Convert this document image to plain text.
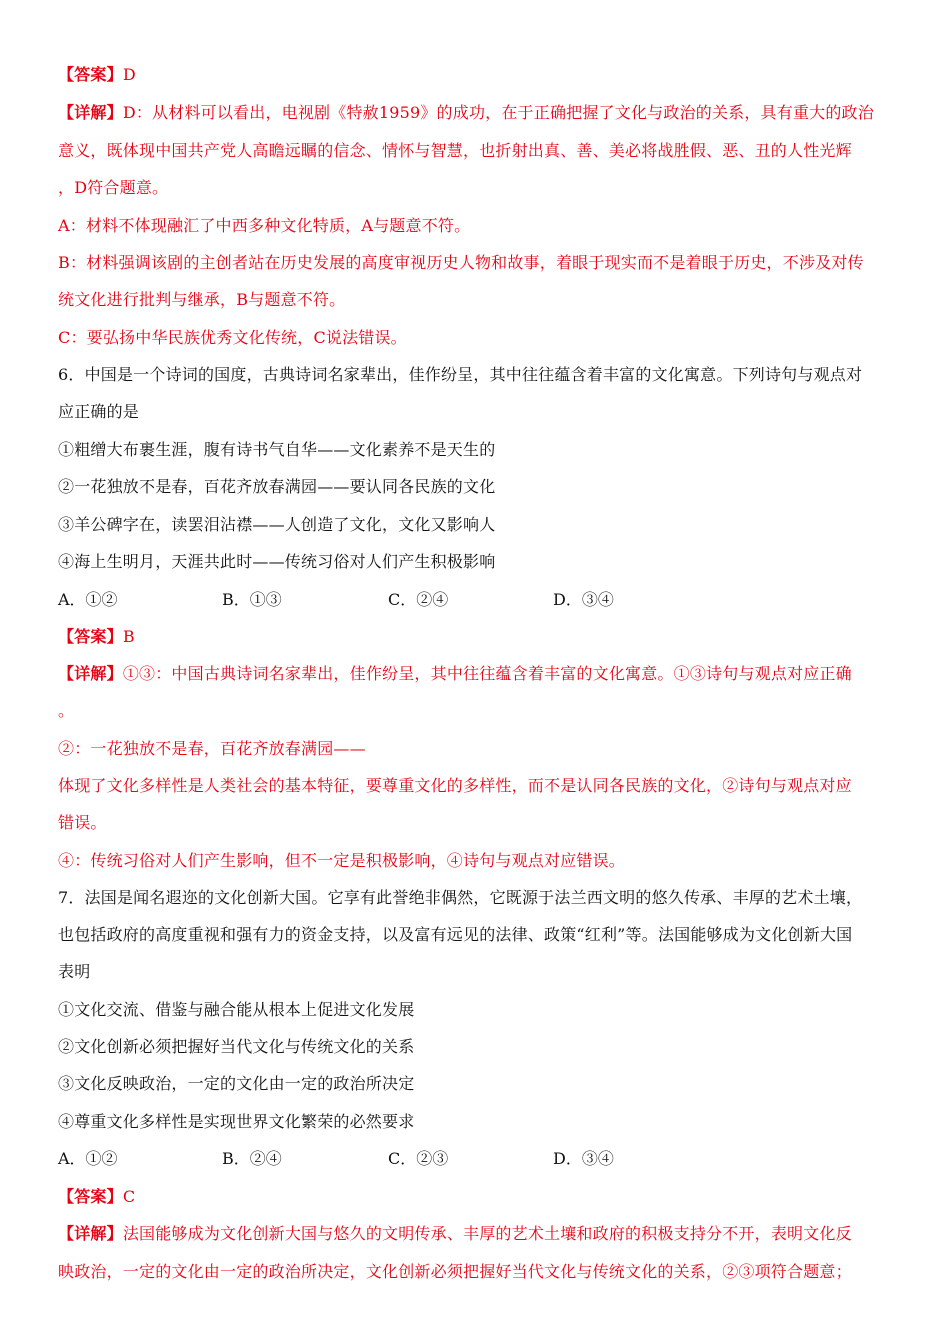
【答案】D
【详解】D：从材料可以看出，电视剧《特赦1959》的成功，在于正确把握了文化与政治的关系，具有重大的政治
意义，既体现中国共产党人高瞻远瞩的信念、情怀与智慧，也折射出真、善、美必将战胜假、恶、丑的人性光辉
，D符合题意。
A：材料不体现融汇了中西多种文化特质，A与题意不符。
B：材料强调该剧的主创者站在历史发展的高度审视历史人物和故事，着眼于现实而不是着眼于历史，不涉及对传
统文化进行批判与继承，B与题意不符。
C：要弘扬中华民族优秀文化传统，C说法错误。
6．中国是一个诗词的国度，古典诗词名家辈出，佳作纷呈，其中往往蕴含着丰富的文化寓意。下列诗句与观点对
应正确的是
①粗缯大布裹生涯，腹有诗书气自华——文化素养不是天生的
②一花独放不是春，百花齐放春满园——要认同各民族的文化
③羊公碑字在，读罢泪沾襟——人创造了文化，文化又影响人
④海上生明月，天涯共此时——传统习俗对人们产生积极影响
A．①②	B．①③	C．②④	D．③④
【答案】B
【详解】①③：中国古典诗词名家辈出，佳作纷呈，其中往往蕴含着丰富的文化寓意。①③诗句与观点对应正确
。
②：一花独放不是春，百花齐放春满园——
体现了文化多样性是人类社会的基本特征，要尊重文化的多样性，而不是认同各民族的文化，②诗句与观点对应
错误。
④：传统习俗对人们产生影响，但不一定是积极影响，④诗句与观点对应错误。
7．法国是闻名遐迩的文化创新大国。它享有此誉绝非偶然，它既源于法兰西文明的悠久传承、丰厚的艺术土壤，
也包括政府的高度重视和强有力的资金支持，以及富有远见的法律、政策“红利”等。法国能够成为文化创新大国
表明
①文化交流、借鉴与融合能从根本上促进文化发展
②文化创新必须把握好当代文化与传统文化的关系
③文化反映政治，一定的文化由一定的政治所决定
④尊重文化多样性是实现世界文化繁荣的必然要求
A．①②	B．②④	C．②③	D．③④
【答案】C
【详解】法国能够成为文化创新大国与悠久的文明传承、丰厚的艺术土壤和政府的积极支持分不开，表明文化反
映政治，一定的文化由一定的政治所决定，文化创新必须把握好当代文化与传统文化的关系，②③项符合题意；
